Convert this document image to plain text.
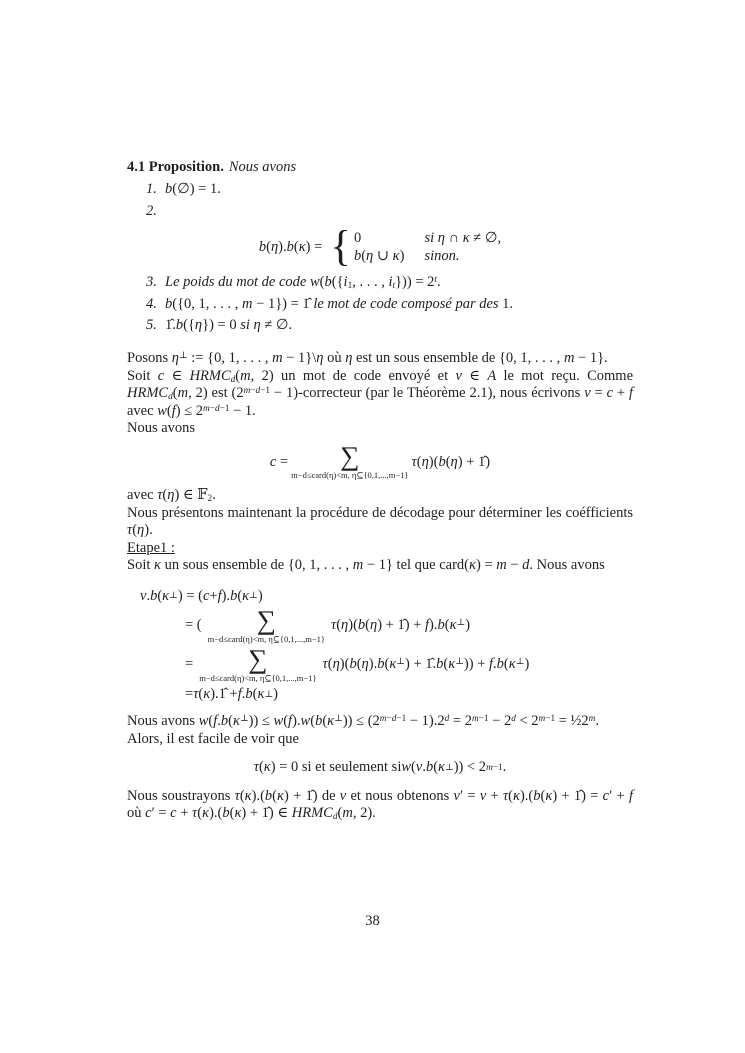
4.1 Proposition. Nous avons
1. b(∅) = 1.
2.
b(η).b(κ) = { 0	si η ∩ κ ≠ ∅,
b(η ∪ κ) sinon.
3. Le poids du mot de code $w(b(\{i_1$, . . . , $i_t\})) = 2^t$.
4. b({0, 1, . . . , m − 1}) = 1̂ le mot de code composé par des 1.
5. 1̂.b({η}) = 0 si η ≠ ∅.
Posons η⊥ := {0, 1, . . . , m − 1}\η où η est un sous ensemble de {0, 1, . . . , m − 1}.
Soit c ∈ $HRMC_d(m$, 2) un mot de code envoyé et v ∈ A le mot reçu. Comme $HRMC_d(m$, 2) est ($2^{m-d-1}$ − 1)-correcteur (par le Théorème 2.1), nous écrivons v = c + f avec $w(f) \le 2^{m-d-1} - 1$.
Nous avons
c = ∑
m−d≤card(η)<m, η⊆{0,1,...,m−1}
τ(η)(b(η) + 1̂)
avec τ(η) ∈ 𝔽$_2$.
Nous présentons maintenant la procédure de décodage pour déterminer les coéfficients τ(η).
Etape1 :
Soit κ un sous ensemble de {0, 1, . . . , m − 1} tel que card(κ) = m − d. Nous avons
v . b ( κ ⊥ ) = ( c + f ). b ( κ ⊥ )
= ( ∑
m−d≤card(η)<m, η⊆{0,1,...,m−1}
τ(η)(b(η) + 1̂) + f).b(κ⊥)
= ∑
m−d≤card(η)<m, η⊆{0,1,...,m−1}
τ(η)(b(η).b(κ⊥) + 1̂.b(κ⊥)) + f.b(κ⊥)
= τ ( κ ).1̂ + f . b ( κ ⊥ )
Nous avons $w(f.b(\kappa^\perp)) \le w(f).w(b(\kappa^\perp)) \le (2^{m-d-1} - 1).2^d = 2^{m-1} - 2^d < 2^{m-1}$ = $\frac{1}{2}2^m$.
Alors, il est facile de voir que
τ ( κ ) = 0 si et seulement si w ( v . b ( κ ⊥ )) < 2 m−1 .
Nous soustrayons τ(κ).(b(κ) + 1̂) de v et nous obtenons v′ = v + τ(κ).(b(κ) + 1̂) = c′ + f où c′ = c + τ(κ).(b(κ) + 1̂) ∈ $HRMC_d(m$, 2).
38
